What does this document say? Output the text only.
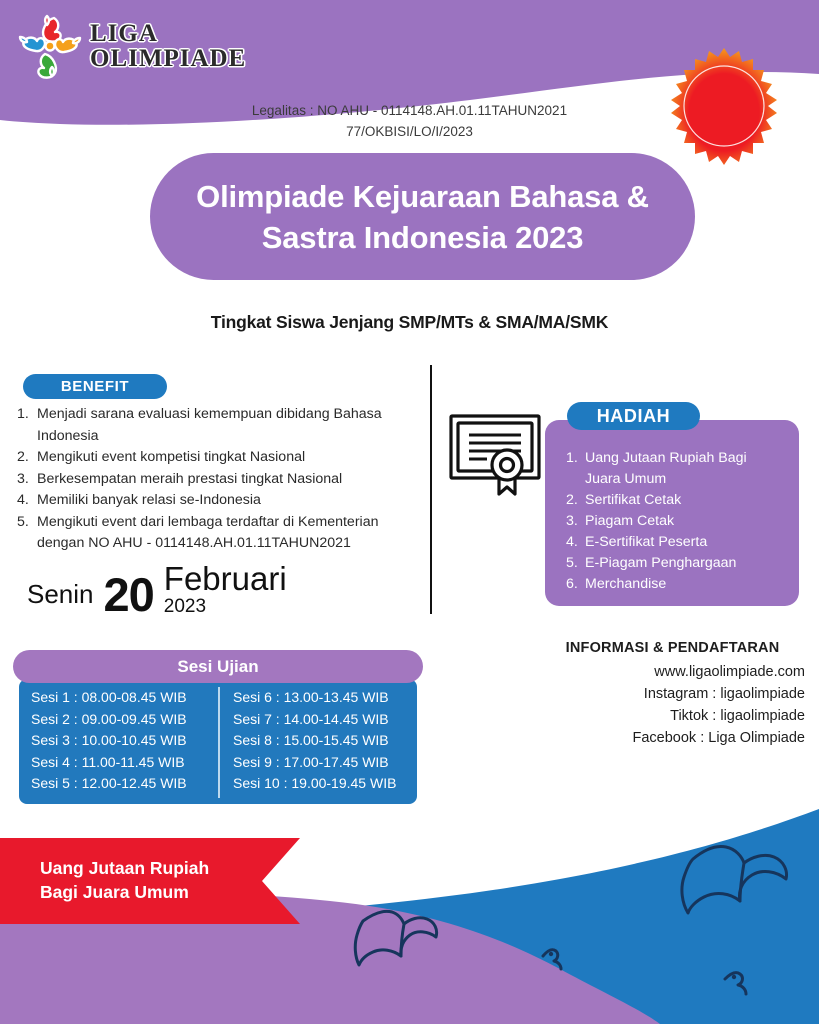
LIGA
OLIMPIADE
Legalitas : NO AHU - 0114148.AH.01.11TAHUN2021
77/OKBISI/LO/I/2023
Olimpiade Kejuaraan Bahasa &
Sastra Indonesia 2023
Tingkat Siswa Jenjang SMP/MTs & SMA/MA/SMK
BENEFIT
1. Menjadi sarana evaluasi kemempuan dibidang Bahasa Indonesia
2. Mengikuti event kompetisi tingkat Nasional
3. Berkesempatan meraih prestasi tingkat Nasional
4. Memiliki banyak relasi se-Indonesia
5. Mengikuti event dari lembaga terdaftar di Kementerian dengan NO AHU - 0114148.AH.01.11TAHUN2021
HADIAH
1. Uang Jutaan Rupiah Bagi Juara Umum
2. Sertifikat Cetak
3. Piagam Cetak
4. E-Sertifikat Peserta
5. E-Piagam Penghargaan
6. Merchandise
Senin 20 Februari
2023
Sesi Ujian
Sesi 1 : 08.00-08.45 WIB
Sesi 2 : 09.00-09.45 WIB
Sesi 3 : 10.00-10.45 WIB
Sesi 4 : 11.00-11.45 WIB
Sesi 5 : 12.00-12.45 WIB
Sesi 6 : 13.00-13.45 WIB
Sesi 7 : 14.00-14.45 WIB
Sesi 8 : 15.00-15.45 WIB
Sesi 9 : 17.00-17.45 WIB
Sesi 10 : 19.00-19.45 WIB
INFORMASI & PENDAFTARAN
www.ligaolimpiade.com
Instagram : ligaolimpiade
Tiktok : ligaolimpiade
Facebook : Liga Olimpiade
Uang Jutaan Rupiah
Bagi Juara Umum
